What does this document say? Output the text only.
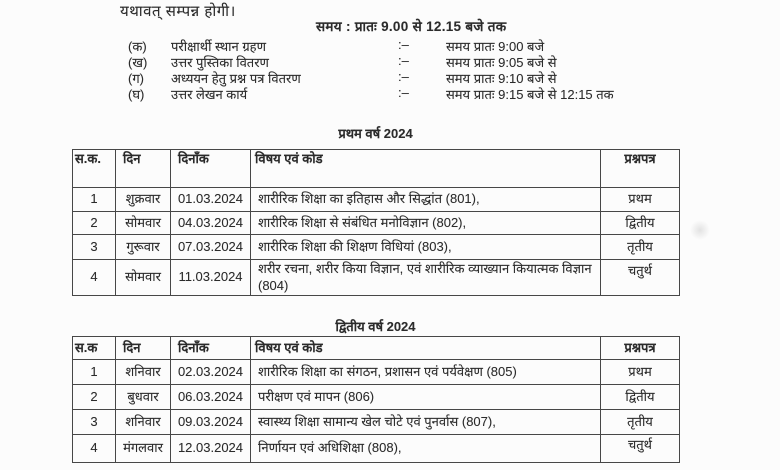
यथावत् सम्पन्न होगी।
समय : प्रातः 9.00 से 12.15 बजे तक
(क) परीक्षार्थी स्थान ग्रहण	:–	समय प्रातः 9:00 बजे
(ख) उत्तर पुस्तिका वितरण	:–	समय प्रातः 9:05 बजे से
(ग) अध्ययन हेतु प्रश्न पत्र वितरण	:–	समय प्रातः 9:10 बजे से
(घ) उत्तर लेखन कार्य	:–	समय प्रातः 9:15 बजे से 12:15 तक
प्रथम वर्ष 2024
स.क.	दिन	दिनाँक	विषय एवं कोड	प्रश्नपत्र
1	शुक्रवार	01.03.2024	शारीरिक शिक्षा का इतिहास और सिद्धांत (801),	प्रथम
2	सोमवार	04.03.2024	शारीरिक शिक्षा से संबंधित मनोविज्ञान (802),	द्वितीय
3	गुरूवार	07.03.2024	शारीरिक शिक्षा की शिक्षण विधियां (803),	तृतीय
4	सोमवार	11.03.2024	शरीर रचना, शरीर किया विज्ञान, एवं शारीरिक व्याख्यान कियात्मक विज्ञान (804)	चतुर्थ
द्वितीय वर्ष 2024
स.क	दिन	दिनाँक	विषय एवं कोड	प्रश्नपत्र
1	शनिवार	02.03.2024	शारीरिक शिक्षा का संगठन, प्रशासन एवं पर्यवेक्षण (805)	प्रथम
2	बुधवार	06.03.2024	परीक्षण एवं मापन (806)	द्वितीय
3	शनिवार	09.03.2024	स्वास्थ्य शिक्षा सामान्य खेल चोटे एवं पुनर्वास (807),	तृतीय
4	मंगलवार	12.03.2024	निर्णायन एवं अधिशिक्षा (808),	चतुर्थ
